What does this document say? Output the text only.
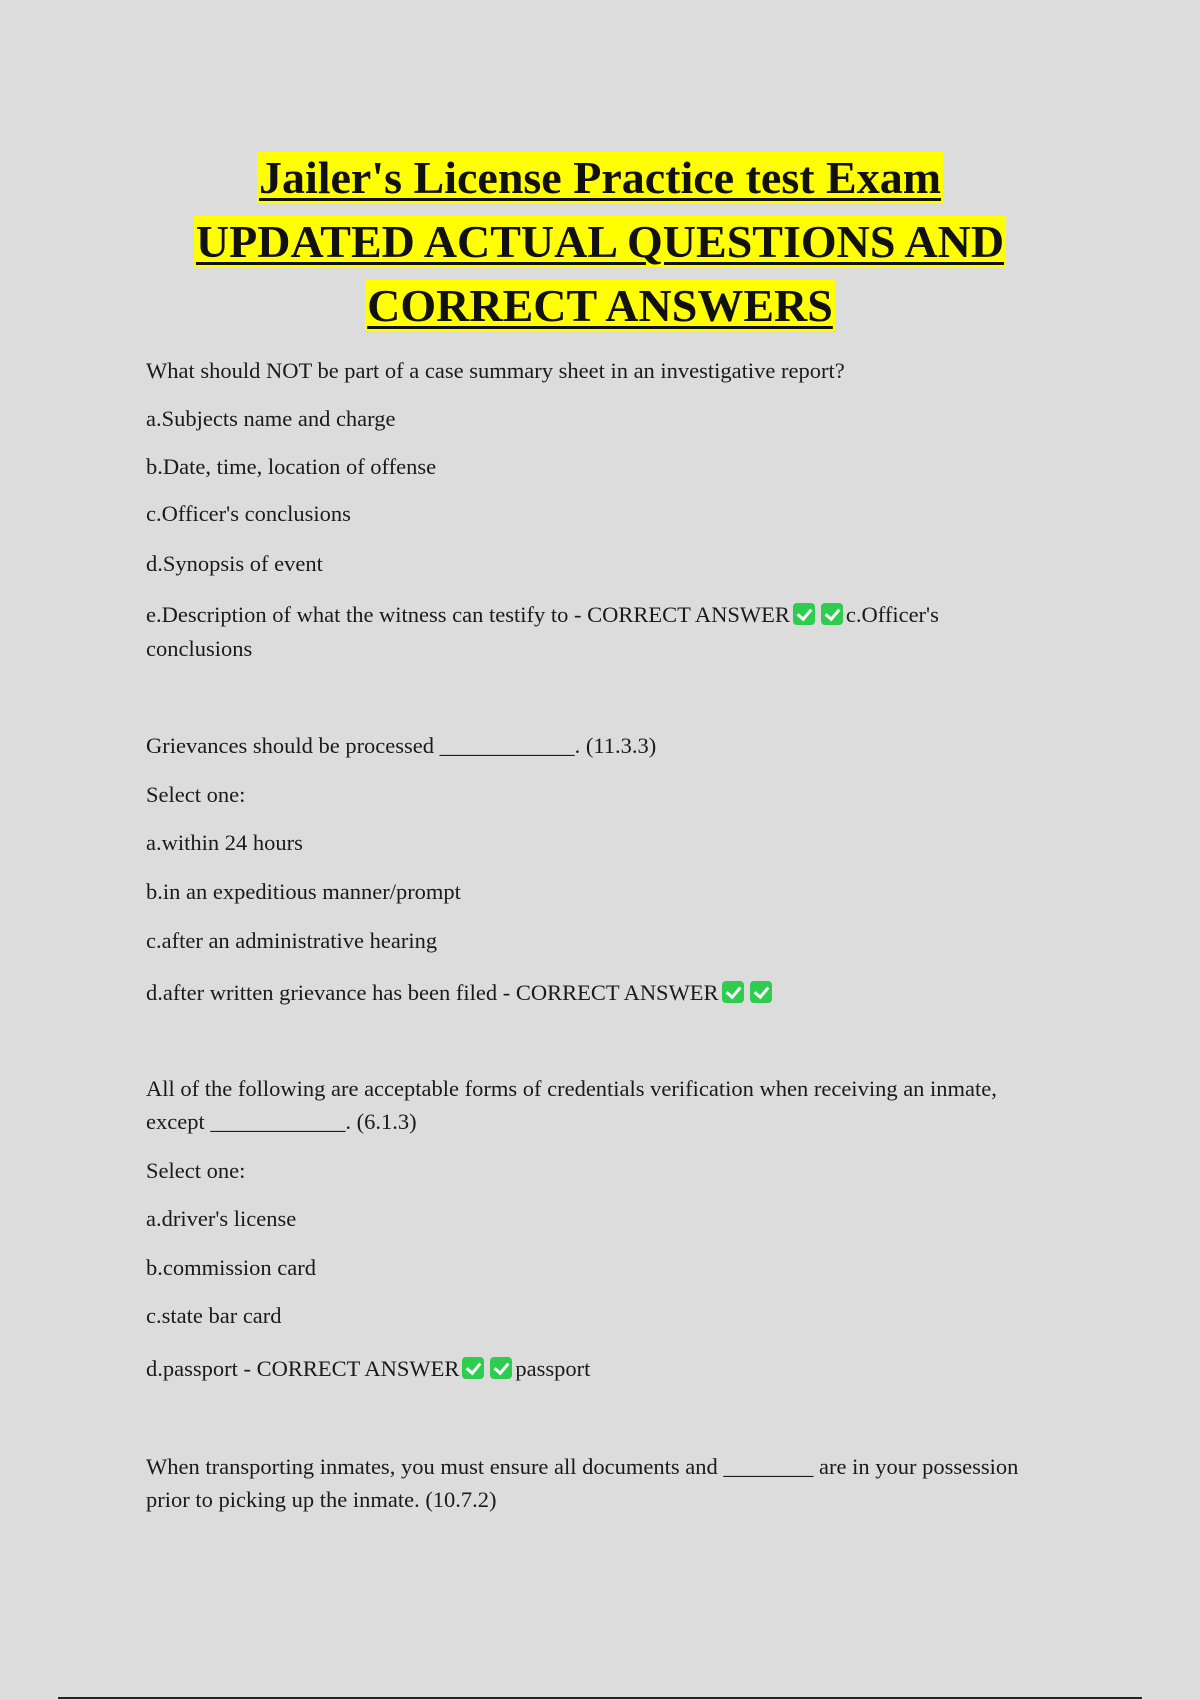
Jailer's License Practice test Exam
UPDATED ACTUAL QUESTIONS AND
CORRECT ANSWERS
What should NOT be part of a case summary sheet in an investigative report?
a.Subjects name and charge
b.Date, time, location of offense
c.Officer's conclusions
d.Synopsis of event
e.Description of what the witness can testify to - CORRECT ANSWER c.Officer's
conclusions
Grievances should be processed ____________. (11.3.3)
Select one:
a.within 24 hours
b.in an expeditious manner/prompt
c.after an administrative hearing
d.after written grievance has been filed - CORRECT ANSWER
All of the following are acceptable forms of credentials verification when receiving an inmate, except ____________. (6.1.3)
Select one:
a.driver's license
b.commission card
c.state bar card
d.passport - CORRECT ANSWER passport
When transporting inmates, you must ensure all documents and ________ are in your possession prior to picking up the inmate. (10.7.2)
